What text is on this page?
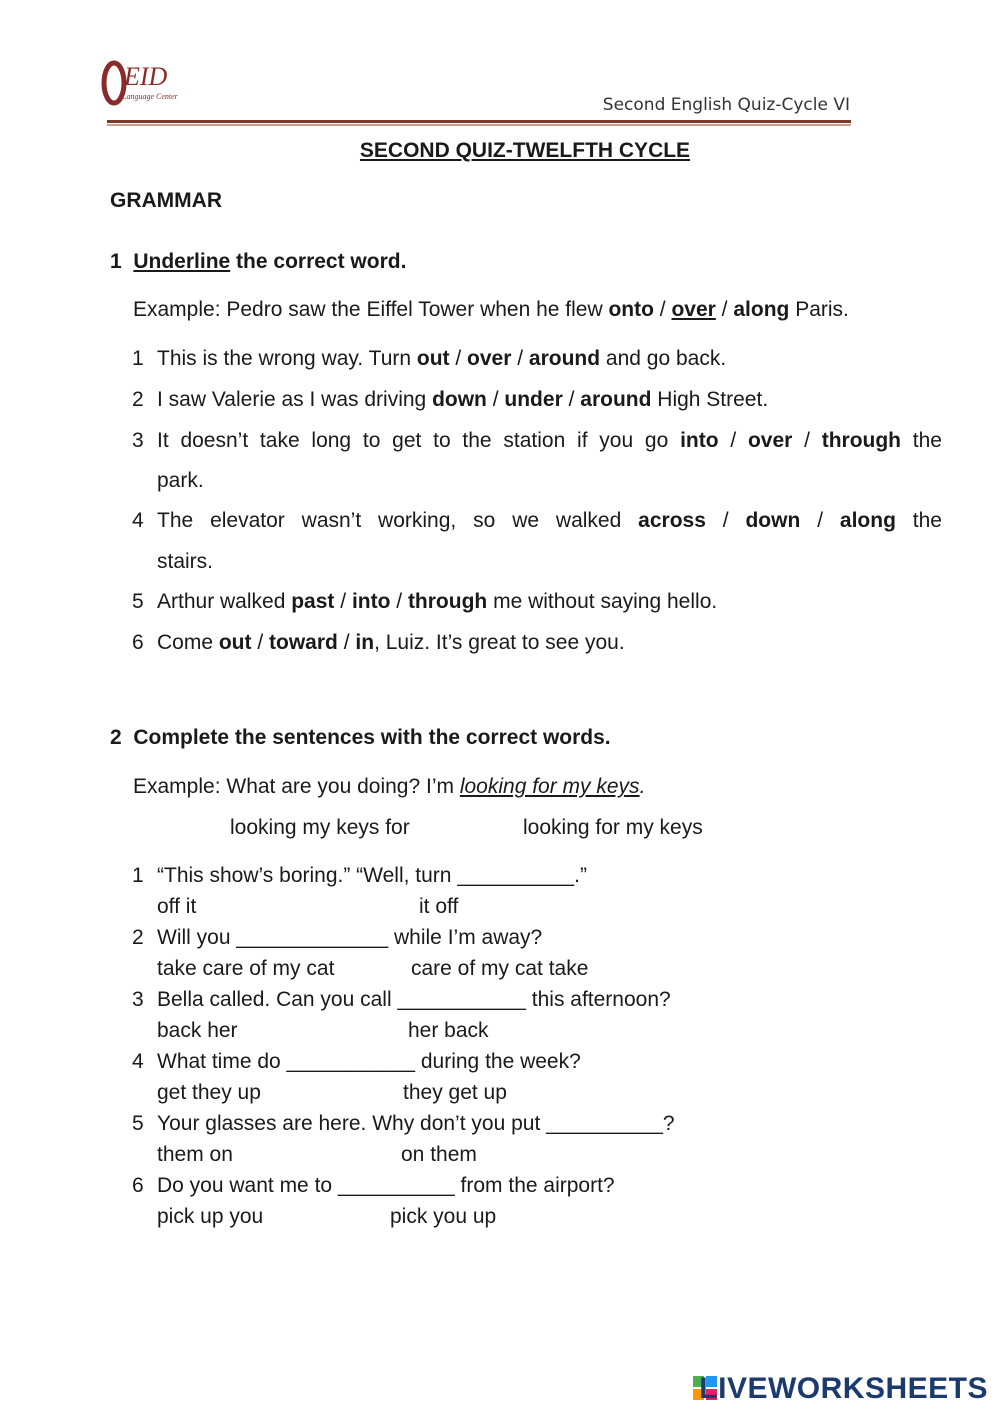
EID
Language Center	Second English Quiz-Cycle VI
SECOND QUIZ-TWELFTH CYCLE
GRAMMAR
1 Underline the correct word.
Example: Pedro saw the Eiffel Tower when he flew onto / over / along Paris.
1 This is the wrong way. Turn out / over / around and go back.
2 I saw Valerie as I was driving down / under / around High Street.
3 It doesn’t take long to get to the station if you go into / over / through the
park.
4 The elevator wasn’t working, so we walked across / down / along the
stairs.
5 Arthur walked past / into / through me without saying hello.
6 Come out / toward / in, Luiz. It’s great to see you.
2 Complete the sentences with the correct words.
Example: What are you doing? I’m looking for my keys.
looking my keys for	looking for my keys
1 “This show’s boring.” “Well, turn __________.”
off it	it off
2 Will you _____________ while I’m away?
take care of my cat	care of my cat take
3 Bella called. Can you call ___________ this afternoon?
back her	her back
4 What time do ___________ during the week?
get they up	they get up
5 Your glasses are here. Why don’t you put __________?
them on	on them
6 Do you want me to __________ from the airport?
pick up you	pick you up
LIVEWORKSHEETS
